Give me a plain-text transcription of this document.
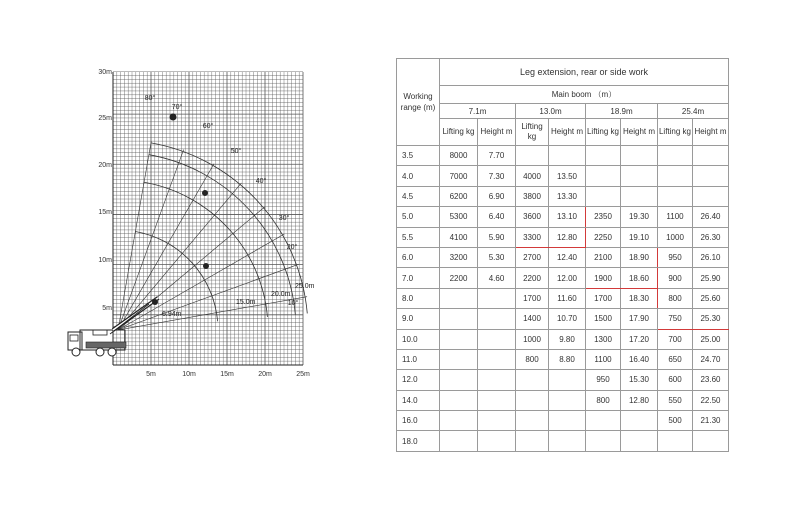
30m
25m
20m
15m
10m
5m
5m	10m	15m	20m	25m
80°
70°
60°
50°
40°
30°
20°
10°
6.94m
15.0m
20.0m
25.0m
Working range (m)	Leg extension, rear or side work							
	Main boom （m）							
	7.1m		13.0m		18.9m		25.4m	
	Lifting kg	Height m	Lifting kg	Height m	Lifting kg	Height m	Lifting kg	Height m
3.5	8000	7.70						
4.0	7000	7.30	4000	13.50				
4.5	6200	6.90	3800	13.30				
5.0	5300	6.40	3600	13.10	2350	19.30	1100	26.40
5.5	4100	5.90	3300	12.80	2250	19.10	1000	26.30
6.0	3200	5.30	2700	12.40	2100	18.90	950	26.10
7.0	2200	4.60	2200	12.00	1900	18.60	900	25.90
8.0			1700	11.60	1700	18.30	800	25.60
9.0			1400	10.70	1500	17.90	750	25.30
10.0			1000	9.80	1300	17.20	700	25.00
11.0			800	8.80	1100	16.40	650	24.70
12.0					950	15.30	600	23.60
14.0					800	12.80	550	22.50
16.0							500	21.30
18.0								
